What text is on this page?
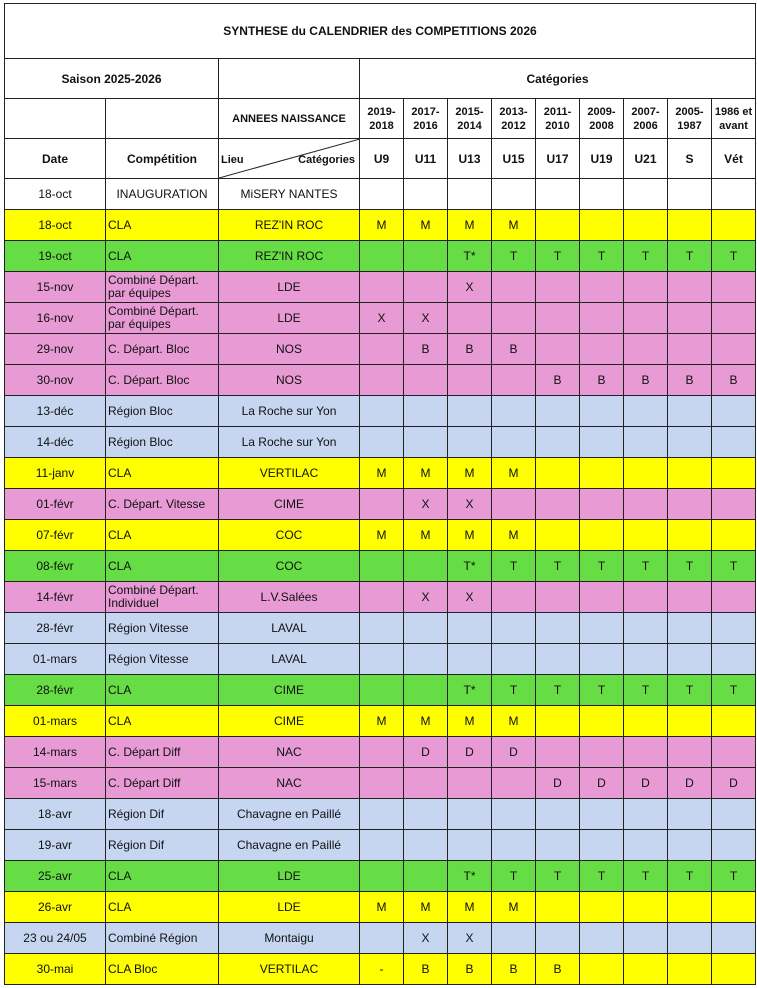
SYNTHESE du CALENDRIER des COMPETITIONS 2026											
Saison 2025-2026			Catégories								
		ANNEES NAISSANCE	2019-2018	2017-2016	2015-2014	2013-2012	2011-2010	2009-2008	2007-2006	2005-1987	1986 et avant
Date	Compétition	Lieu Catégories	U9	U11	U13	U15	U17	U19	U21	S	Vét
18-oct	INAUGURATION	MiSERY NANTES									
18-oct	CLA	REZ'IN ROC	M	M	M	M					
19-oct	CLA	REZ'IN ROC			T*	T	T	T	T	T	T
15-nov	Combiné Départ.
par équipes	LDE			X						
16-nov	Combiné Départ.
par équipes	LDE	X	X							
29-nov	C. Départ. Bloc	NOS		B	B	B					
30-nov	C. Départ. Bloc	NOS					B	B	B	B	B
13-déc	Région Bloc	La Roche sur Yon									
14-déc	Région Bloc	La Roche sur Yon									
11-janv	CLA	VERTILAC	M	M	M	M					
01-févr	C. Départ. Vitesse	CIME		X	X						
07-févr	CLA	COC	M	M	M	M					
08-févr	CLA	COC			T*	T	T	T	T	T	T
14-févr	Combiné Départ.
Individuel	L.V.Salées		X	X						
28-févr	Région Vitesse	LAVAL									
01-mars	Région Vitesse	LAVAL									
28-févr	CLA	CIME			T*	T	T	T	T	T	T
01-mars	CLA	CIME	M	M	M	M					
14-mars	C. Départ Diff	NAC		D	D	D					
15-mars	C. Départ Diff	NAC					D	D	D	D	D
18-avr	Région Dif	Chavagne en Paillé									
19-avr	Région Dif	Chavagne en Paillé									
25-avr	CLA	LDE			T*	T	T	T	T	T	T
26-avr	CLA	LDE	M	M	M	M					
23 ou 24/05	Combiné Région	Montaigu		X	X						
30-mai	CLA Bloc	VERTILAC	-	B	B	B	B				
